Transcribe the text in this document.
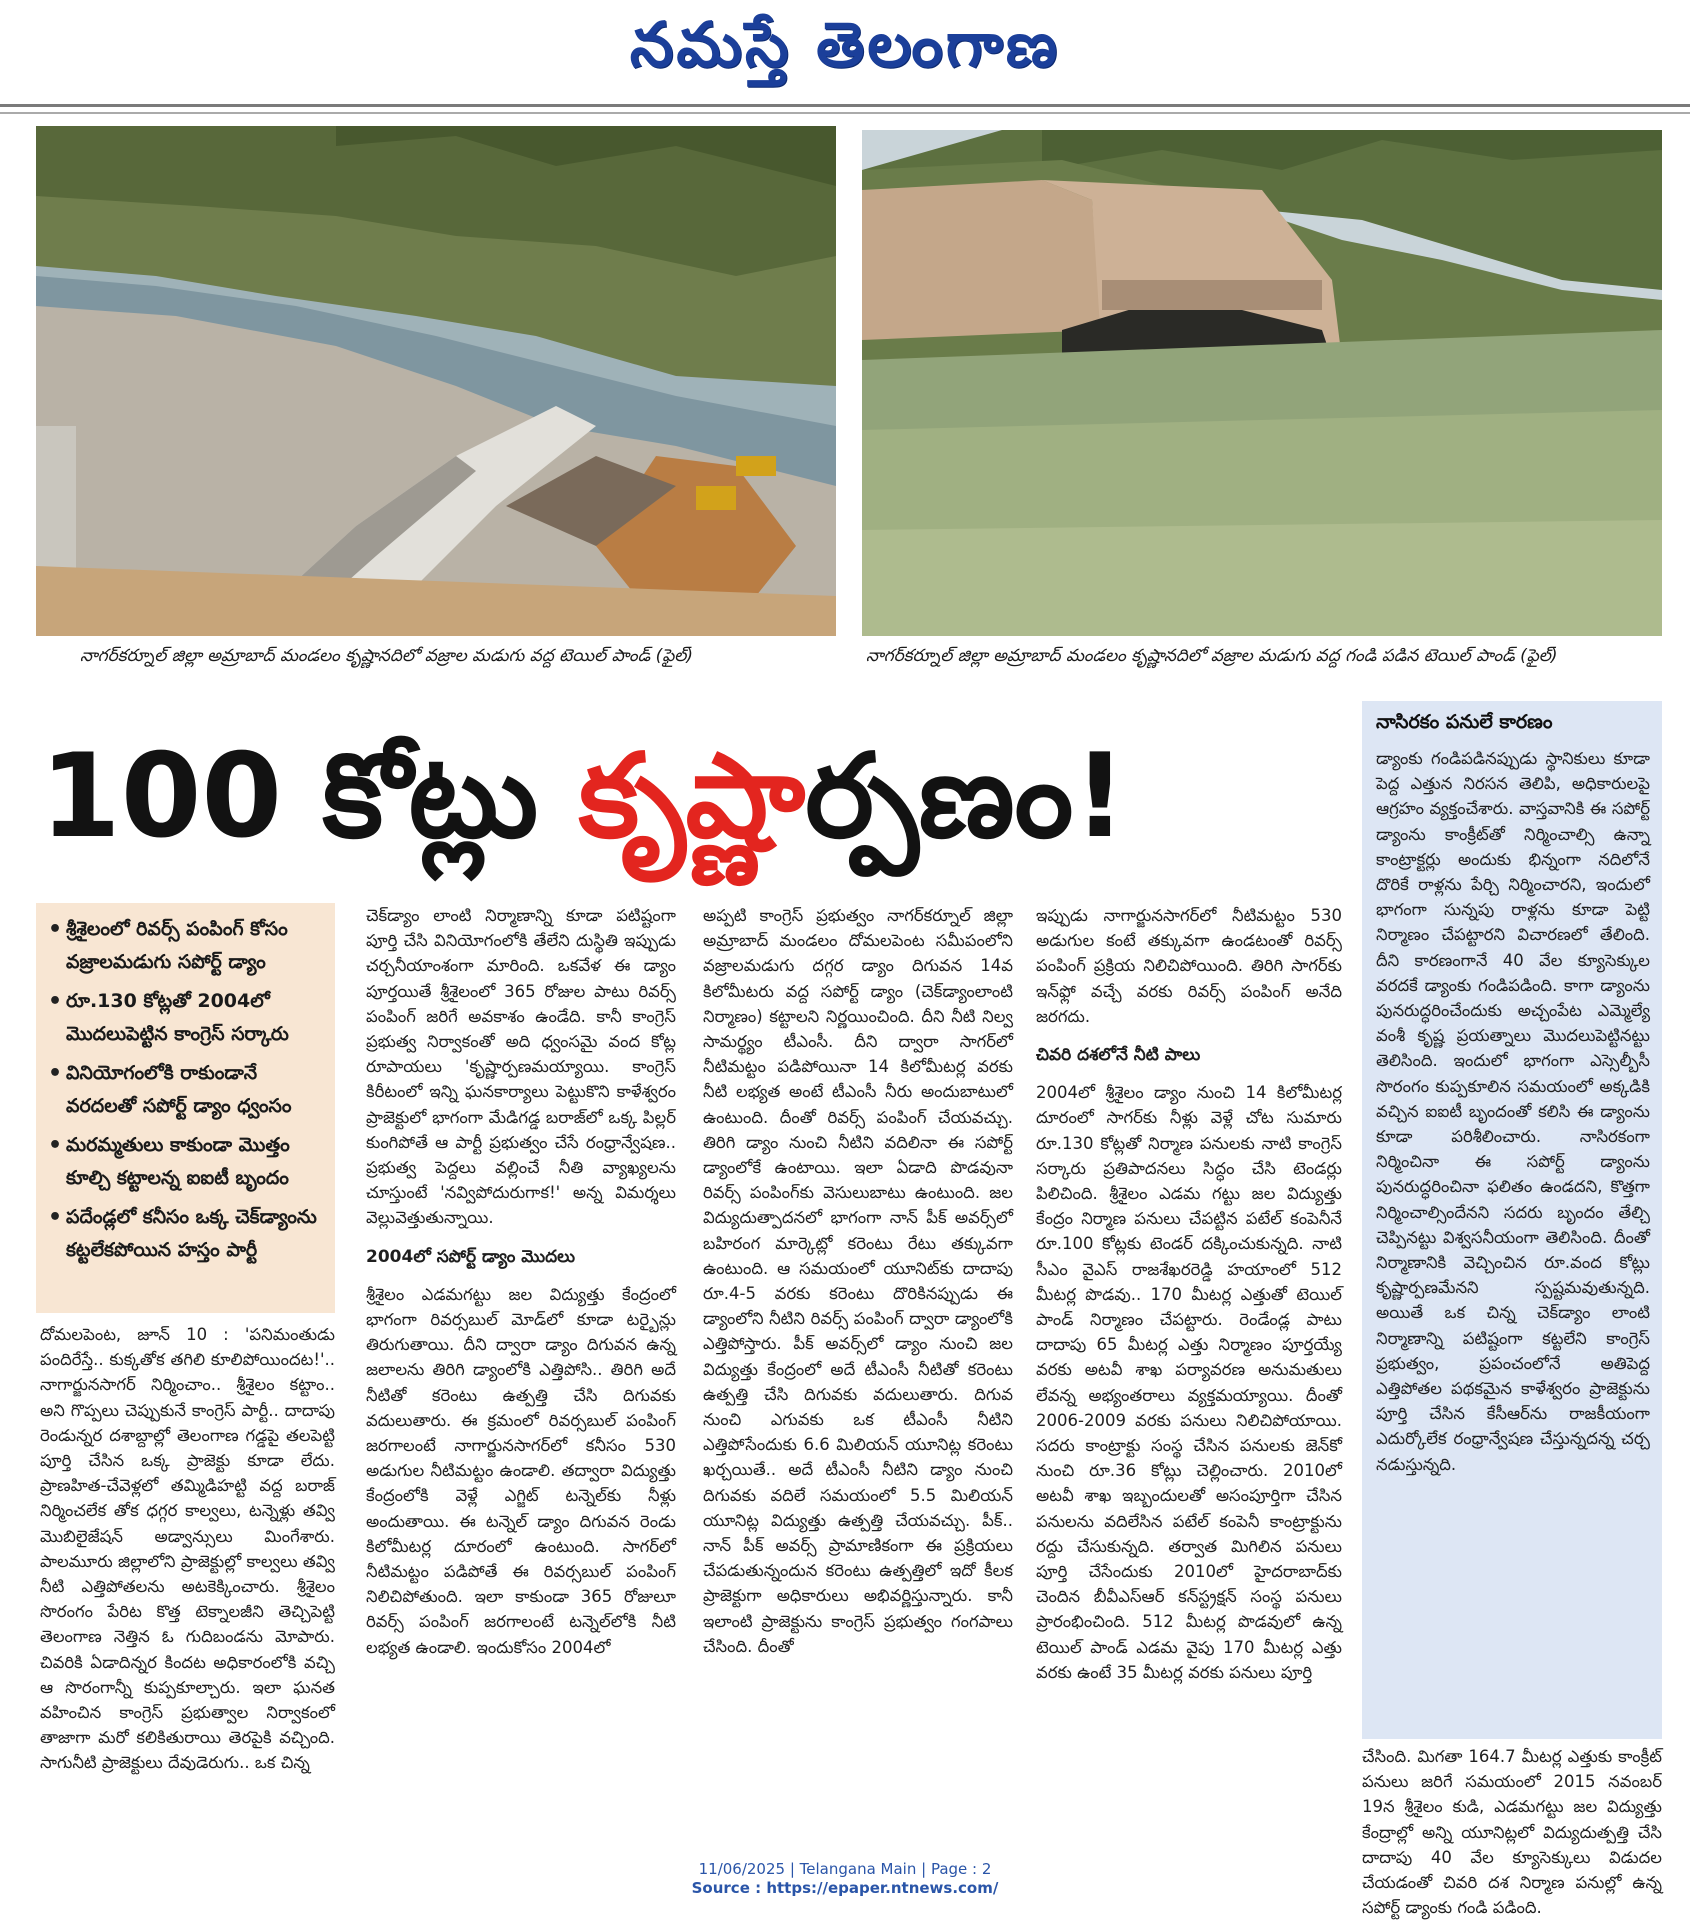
నమస్తే తెలంగాణ
నాగర్‌కర్నూల్ జిల్లా అమ్రాబాద్ మండలం కృష్ణానదిలో వజ్రాల మడుగు వద్ద టెయిల్ పాండ్ (ఫైల్)	నాగర్‌కర్నూల్ జిల్లా అమ్రాబాద్ మండలం కృష్ణానదిలో వజ్రాల మడుగు వద్ద గండి పడిన టెయిల్ పాండ్ (ఫైల్)
100 కోట్లు కృష్ణార్పణం!
• శ్రీశైలంలో రివర్స్ పంపింగ్ కోసం వజ్రాలమడుగు సపోర్ట్ డ్యాం
• రూ.130 కోట్లతో 2004లో మొదలుపెట్టిన కాంగ్రెస్ సర్కారు
• వినియోగంలోకి రాకుండానే వరదలతో సపోర్ట్ డ్యాం ధ్వంసం
• మరమ్మతులు కాకుండా మొత్తం కూల్చి కట్టాలన్న ఐఐటీ బృందం
• పదేండ్లలో కనీసం ఒక్క చెక్‌డ్యాంను కట్టలేకపోయిన హస్తం పార్టీ

దోమలపెంట, జూన్ 10 : 'పనిమంతుడు పందిరేస్తే.. కుక్కతోక తగిలి కూలిపోయిందట!'.. నాగార్జునసాగర్ నిర్మించాం.. శ్రీశైలం కట్టాం.. అని గొప్పలు చెప్పుకునే కాంగ్రెస్ పార్టీ.. దాదాపు రెండున్నర దశాబ్దాల్లో తెలంగాణ గడ్డపై తలపెట్టి పూర్తి చేసిన ఒక్క ప్రాజెక్టు కూడా లేదు. ప్రాణహిత-చేవెళ్లలో తమ్మిడిహట్టి వద్ద బరాజ్ నిర్మించలేక తోక ధగ్గర కాల్వలు, టన్నెళ్లు తవ్వి మొబిలైజేషన్ అడ్వాన్సులు మింగేశారు. పాలమూరు జిల్లాలోని ప్రాజెక్టుల్లో కాల్వలు తవ్వి నీటి ఎత్తిపోతలను అటకెక్కించారు. శ్రీశైలం సొరంగం పేరిట కొత్త టెక్నాలజీని తెచ్చిపెట్టి తెలంగాణ నెత్తిన ఓ గుదిబండను మోపారు. చివరికి ఏడాదిన్నర కిందట అధికారంలోకి వచ్చి ఆ సొరంగాన్నీ కుప్పకూల్చారు. ఇలా ఘనత వహించిన కాంగ్రెస్ ప్రభుత్వాల నిర్వాకంలో తాజాగా మరో కలికితురాయి తెరపైకి వచ్చింది. సాగునీటి ప్రాజెక్టులు దేవుడెరుగు.. ఒక చిన్న

చెక్‌డ్యాం లాంటి నిర్మాణాన్ని కూడా పటిష్టంగా పూర్తి చేసి వినియోగంలోకి తేలేని దుస్థితి ఇప్పుడు చర్చనీయాంశంగా మారింది. ఒకవేళ ఈ డ్యాం పూర్తయితే శ్రీశైలంలో 365 రోజుల పాటు రివర్స్ పంపింగ్ జరిగే అవకాశం ఉండేది. కానీ కాంగ్రెస్ ప్రభుత్వ నిర్వాకంతో అది ధ్వంసమై వంద కోట్ల రూపాయలు 'కృష్ణార్పణమయ్యాయి. కాంగ్రెస్ కిరీటంలో ఇన్ని ఘనకార్యాలు పెట్టుకొని కాళేశ్వరం ప్రాజెక్టులో భాగంగా మేడిగడ్డ బరాజ్‌లో ఒక్క పిల్లర్ కుంగిపోతే ఆ పార్టీ ప్రభుత్వం చేసే రంధ్రాన్వేషణ.. ప్రభుత్వ పెద్దలు వల్లించే నీతి వ్యాఖ్యలను చూస్తుంటే 'నవ్విపోదురుగాక!' అన్న విమర్శలు వెల్లువెత్తుతున్నాయి.

2004లో సపోర్ట్ డ్యాం మొదలు

శ్రీశైలం ఎడమగట్టు జల విద్యుత్తు కేంద్రంలో భాగంగా రివర్సబుల్ మోడ్‌లో కూడా టర్బైన్లు తిరుగుతాయి. దీని ద్వారా డ్యాం దిగువన ఉన్న జలాలను తిరిగి డ్యాంలోకి ఎత్తిపోసి.. తిరిగి అదే నీటితో కరెంటు ఉత్పత్తి చేసి దిగువకు వదులుతారు. ఈ క్రమంలో రివర్సబుల్ పంపింగ్ జరగాలంటే నాగార్జునసాగర్‌లో కనీసం 530 అడుగుల నీటిమట్టం ఉండాలి. తద్వారా విద్యుత్తు కేంద్రంలోకి వెళ్లే ఎగ్జిట్ టన్నెల్‌కు నీళ్లు అందుతాయి. ఈ టన్నెల్ డ్యాం దిగువన రెండు కిలోమీటర్ల దూరంలో ఉంటుంది. సాగర్‌లో నీటిమట్టం పడిపోతే ఈ రివర్సబుల్ పంపింగ్ నిలిచిపోతుంది. ఇలా కాకుండా 365 రోజులూ రివర్స్ పంపింగ్ జరగాలంటే టన్నెల్‌లోకి నీటి లభ్యత ఉండాలి. ఇందుకోసం 2004లో

అప్పటి కాంగ్రెస్ ప్రభుత్వం నాగర్‌కర్నూల్ జిల్లా అమ్రాబాద్ మండలం దోమలపెంట సమీపంలోని వజ్రాలమడుగు దగ్గర డ్యాం దిగువన 14వ కిలోమీటరు వద్ద సపోర్ట్ డ్యాం (చెక్‌డ్యాంలాంటి నిర్మాణం) కట్టాలని నిర్ణయించింది. దీని నీటి నిల్వ సామర్థ్యం టీఎంసీ. దీని ద్వారా సాగర్‌లో నీటిమట్టం పడిపోయినా 14 కిలోమీటర్ల వరకు నీటి లభ్యత అంటే టీఎంసీ నీరు అందుబాటులో ఉంటుంది. దీంతో రివర్స్ పంపింగ్ చేయవచ్చు. తిరిగి డ్యాం నుంచి నీటిని వదిలినా ఈ సపోర్ట్ డ్యాంలోకే ఉంటాయి. ఇలా ఏడాది పొడవునా రివర్స్ పంపింగ్‌కు వెసులుబాటు ఉంటుంది. జల విద్యుదుత్పాదనలో భాగంగా నాన్ పీక్ అవర్స్‌లో బహిరంగ మార్కెట్లో కరెంటు రేటు తక్కువగా ఉంటుంది. ఆ సమయంలో యూనిట్‌కు దాదాపు రూ.4-5 వరకు కరెంటు దొరికినప్పుడు ఈ డ్యాంలోని నీటిని రివర్స్ పంపింగ్ ద్వారా డ్యాంలోకి ఎత్తిపోస్తారు. పీక్ అవర్స్‌లో డ్యాం నుంచి జల విద్యుత్తు కేంద్రంలో అదే టీఎంసీ నీటితో కరెంటు ఉత్పత్తి చేసి దిగువకు వదులుతారు. దిగువ నుంచి ఎగువకు ఒక టీఎంసీ నీటిని ఎత్తిపోసేందుకు 6.6 మిలియన్ యూనిట్ల కరెంటు ఖర్చయితే.. అదే టీఎంసీ నీటిని డ్యాం నుంచి దిగువకు వదిలే సమయంలో 5.5 మిలియన్ యూనిట్ల విద్యుత్తు ఉత్పత్తి చేయవచ్చు. పీక్.. నాన్ పీక్ అవర్స్ ప్రామాణికంగా ఈ ప్రక్రియలు చేపడుతున్నందున కరెంటు ఉత్పత్తిలో ఇదో కీలక ప్రాజెక్టుగా అధికారులు అభివర్ణిస్తున్నారు. కానీ ఇలాంటి ప్రాజెక్టును కాంగ్రెస్ ప్రభుత్వం గంగపాలు చేసింది. దీంతో

ఇప్పుడు నాగార్జునసాగర్‌లో నీటిమట్టం 530 అడుగుల కంటే తక్కువగా ఉండటంతో రివర్స్ పంపింగ్ ప్రక్రియ నిలిచిపోయింది. తిరిగి సాగర్‌కు ఇన్‌ఫ్లో వచ్చే వరకు రివర్స్ పంపింగ్ అనేది జరగదు.

చివరి దశలోనే నీటి పాలు

2004లో శ్రీశైలం డ్యాం నుంచి 14 కిలోమీటర్ల దూరంలో సాగర్‌కు నీళ్లు వెళ్లే చోట సుమారు రూ.130 కోట్లతో నిర్మాణ పనులకు నాటి కాంగ్రెస్ సర్కారు ప్రతిపాదనలు సిద్ధం చేసి టెండర్లు పిలిచింది. శ్రీశైలం ఎడమ గట్టు జల విద్యుత్తు కేంద్రం నిర్మాణ పనులు చేపట్టిన పటేల్ కంపెనీనే రూ.100 కోట్లకు టెండర్ దక్కించుకున్నది. నాటి సీఎం వైఎస్ రాజశేఖరరెడ్డి హయాంలో 512 మీటర్ల పొడవు.. 170 మీటర్ల ఎత్తుతో టెయిల్ పాండ్ నిర్మాణం చేపట్టారు. రెండేండ్ల పాటు దాదాపు 65 మీటర్ల ఎత్తు నిర్మాణం పూర్తయ్యే వరకు అటవీ శాఖ పర్యావరణ అనుమతులు లేవన్న అభ్యంతరాలు వ్యక్తమయ్యాయి. దీంతో 2006-2009 వరకు పనులు నిలిచిపోయాయి. సదరు కాంట్రాక్టు సంస్థ చేసిన పనులకు జెన్‌కో నుంచి రూ.36 కోట్లు చెల్లించారు. 2010లో అటవీ శాఖ ఇబ్బందులతో అసంపూర్తిగా చేసిన పనులను వదిలేసిన పటేల్ కంపెనీ కాంట్రాక్టును రద్దు చేసుకున్నది. తర్వాత మిగిలిన పనులు పూర్తి చేసేందుకు 2010లో హైదరాబాద్‌కు చెందిన బీవీఎస్‌ఆర్ కన్‌స్ట్రక్షన్ సంస్థ పనులు ప్రారంభించింది. 512 మీటర్ల పొడవులో ఉన్న టెయిల్ పాండ్ ఎడమ వైపు 170 మీటర్ల ఎత్తు వరకు ఉంటే 35 మీటర్ల వరకు పనులు పూర్తి

నాసిరకం పనులే కారణం
డ్యాంకు గండిపడినప్పుడు స్థానికులు కూడా పెద్ద ఎత్తున నిరసన తెలిపి, అధికారులపై ఆగ్రహం వ్యక్తంచేశారు. వాస్తవానికి ఈ సపోర్ట్ డ్యాంను కాంక్రీట్‌తో నిర్మించాల్సి ఉన్నా కాంట్రాక్టర్లు అందుకు భిన్నంగా నదిలోనే దొరికే రాళ్లను పేర్చి నిర్మించారని, ఇందులో భాగంగా సున్నపు రాళ్లను కూడా పెట్టి నిర్మాణం చేపట్టారని విచారణలో తేలింది. దీని కారణంగానే 40 వేల క్యూసెక్కుల వరదకే డ్యాంకు గండిపడింది. కాగా డ్యాంను పునరుద్ధరించేందుకు అచ్చంపేట ఎమ్మెల్యే వంశీ కృష్ణ ప్రయత్నాలు మొదలుపెట్టినట్టు తెలిసింది. ఇందులో భాగంగా ఎస్సెల్బీసీ సొరంగం కుప్పకూలిన సమయంలో అక్కడికి వచ్చిన ఐఐటీ బృందంతో కలిసి ఈ డ్యాంను కూడా పరిశీలించారు. నాసిరకంగా నిర్మించినా ఈ సపోర్ట్ డ్యాంను పునరుద్ధరించినా ఫలితం ఉండదని, కొత్తగా నిర్మించాల్సిందేనని సదరు బృందం తేల్చి చెప్పినట్టు విశ్వసనీయంగా తెలిసింది. దీంతో నిర్మాణానికి వెచ్చించిన రూ.వంద కోట్లు కృష్ణార్పణమేనని స్పష్టమవుతున్నది. అయితే ఒక చిన్న చెక్‌డ్యాం లాంటి నిర్మాణాన్ని పటిష్టంగా కట్టలేని కాంగ్రెస్ ప్రభుత్వం, ప్రపంచంలోనే అతిపెద్ద ఎత్తిపోతల పథకమైన కాళేశ్వరం ప్రాజెక్టును పూర్తి చేసిన కేసీఆర్‌ను రాజకీయంగా ఎదుర్కోలేక రంధ్రాన్వేషణ చేస్తున్నదన్న చర్చ నడుస్తున్నది.
చేసింది. మిగతా 164.7 మీటర్ల ఎత్తుకు కాంక్రీట్ పనులు జరిగే సమయంలో 2015 నవంబర్ 19న శ్రీశైలం కుడి, ఎడమగట్టు జల విద్యుత్తు కేంద్రాల్లో అన్ని యూనిట్లలో విద్యుదుత్పత్తి చేసి దాదాపు 40 వేల క్యూసెక్కులు విడుదల చేయడంతో చివరి దశ నిర్మాణ పనుల్లో ఉన్న సపోర్ట్ డ్యాంకు గండి పడింది.
11/06/2025 | Telangana Main | Page : 2
Source : https://epaper.ntnews.com/
